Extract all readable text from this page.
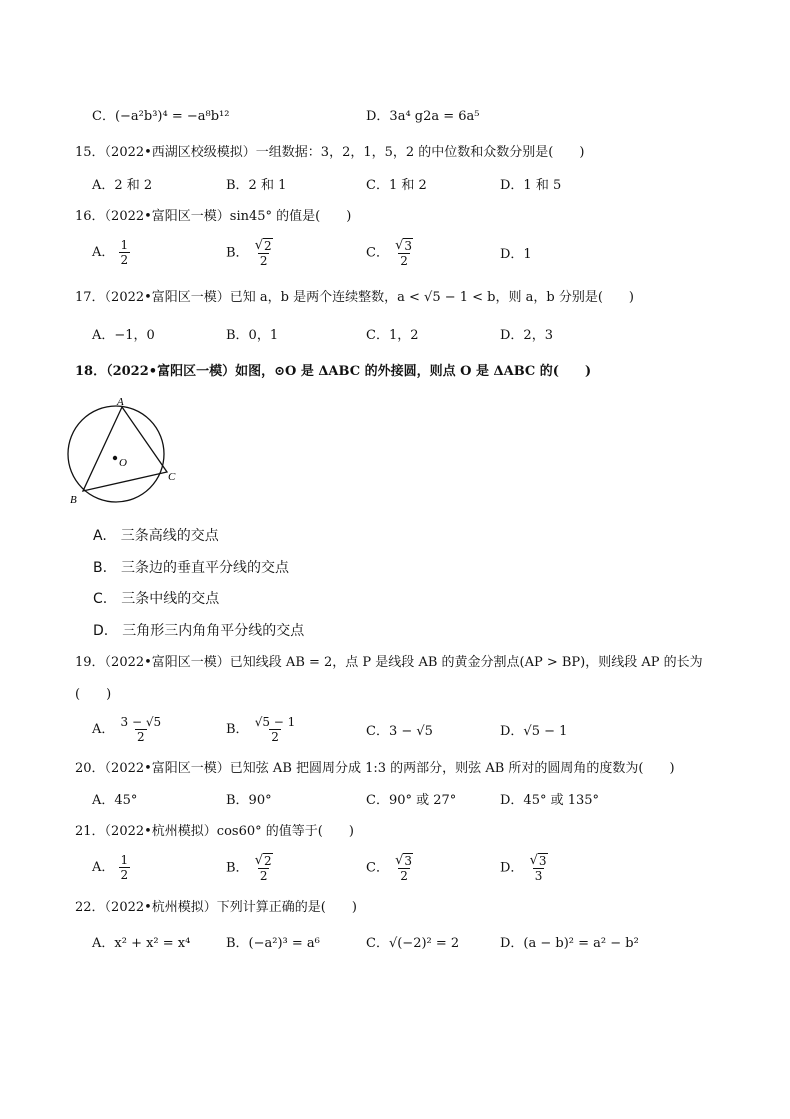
C．(−a²b³)⁴ = −a⁸b¹²	D．3a⁴ g2a = 6a⁵
15．（2022•西湖区校级模拟）一组数据：3，2，1，5，2 的中位数和众数分别是(　　)
A．2 和 2	B．2 和 1	C．1 和 2	D．1 和 5
16．（2022•富阳区一模）sin45° 的值是(　　)
A． $\frac{1}{2}$	B． $\frac{√ 2}{2}$	C． $\frac{√ 3}{2}$	D．1
17．（2022•富阳区一模）已知 a，b 是两个连续整数，a < √5 − 1 < b，则 a，b 分别是(　　)
A．−1，0	B．0，1	C．1，2	D．2，3
18．（2022•富阳区一模）如图，⊙O 是 ΔABC 的外接圆，则点 O 是 ΔABC 的(　　)
A
B
C
O
A.　三条高线的交点
B.　三条边的垂直平分线的交点
C.　三条中线的交点
D.　三角形三内角角平分线的交点
19．（2022•富阳区一模）已知线段 AB = 2，点 P 是线段 AB 的黄金分割点(AP > BP)，则线段 AP 的长为
(　　)
A． $\frac{3 - √5}{2}$	B． $\frac{√5 - 1}{2}$	C．3 − √5	D．√5 − 1
20．（2022•富阳区一模）已知弦 AB 把圆周分成 1:3 的两部分，则弦 AB 所对的圆周角的度数为(　　)
A．45°	B．90°	C．90° 或 27°	D．45° 或 135°
21．（2022•杭州模拟）cos60° 的值等于(　　)
A． $\frac{1}{2}$	B． $\frac{√ 2}{2}$	C． $\frac{√ 3}{2}$	D． $\frac{√ 3}{3}$
22．（2022•杭州模拟）下列计算正确的是(　　)
A．x² + x² = x⁴	B．(−a²)³ = a⁶	C．√(−2)² = 2	D．(a − b)² = a² − b²
